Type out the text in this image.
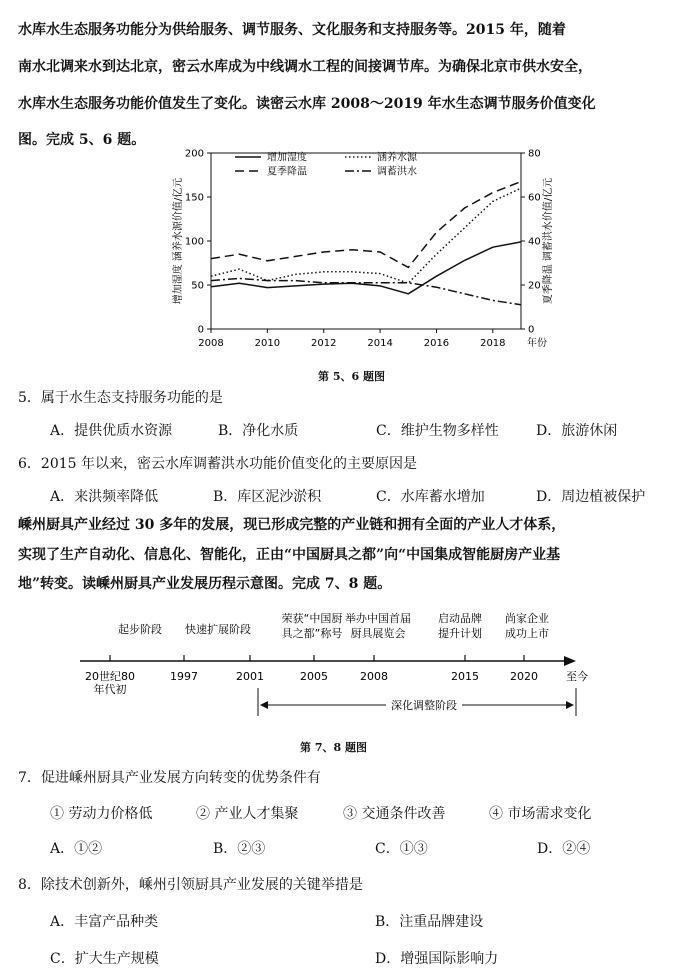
水库水生态服务功能分为供给服务、调节服务、文化服务和支持服务等。2015 年，随着
南水北调来水到达北京，密云水库成为中线调水工程的间接调节库。为确保北京市供水安全，
水库水生态服务功能价值发生了变化。读密云水库 2008～2019 年水生态调节服务价值变化
图。完成 5、6 题。
0
50
100
150
200
0
20
40
60
80
2008	2010	2012	2014	2016	2018 年份
增加湿度 涵养水源价值/亿元	夏季降温 调蓄洪水价值/亿元
增加湿度	涵养水源
夏季降温	调蓄洪水
第 5、6 题图
5．属于水生态支持服务功能的是
A．提供优质水资源	B．净化水质	C．维护生物多样性	D．旅游休闲
6．2015 年以来，密云水库调蓄洪水功能价值变化的主要原因是
A．来洪频率降低	B．库区泥沙淤积	C．水库蓄水增加	D．周边植被保护
嵊州厨具产业经过 30 多年的发展，现已形成完整的产业链和拥有全面的产业人才体系，
实现了生产自动化、信息化、智能化，正由“中国厨具之都”向“中国集成智能厨房产业基
地”转变。读嵊州厨具产业发展历程示意图。完成 7、8 题。
起步阶段 快速扩展阶段
荣获“中国厨
具之都”称号
举办中国首届
厨具展览会
启动品牌
提升计划
尚家企业
成功上市
20世纪80
年代初
1997	2001	2005	2008	2015	2020	至今
深化调整阶段
第 7、8 题图
7．促进嵊州厨具产业发展方向转变的优势条件有
① 劳动力价格低	② 产业人才集聚	③ 交通条件改善	④ 市场需求变化
A．①②	B．②③	C．①③	D．②④
8．除技术创新外，嵊州引领厨具产业发展的关键举措是
A．丰富产品种类	B．注重品牌建设
C．扩大生产规模	D．增强国际影响力
